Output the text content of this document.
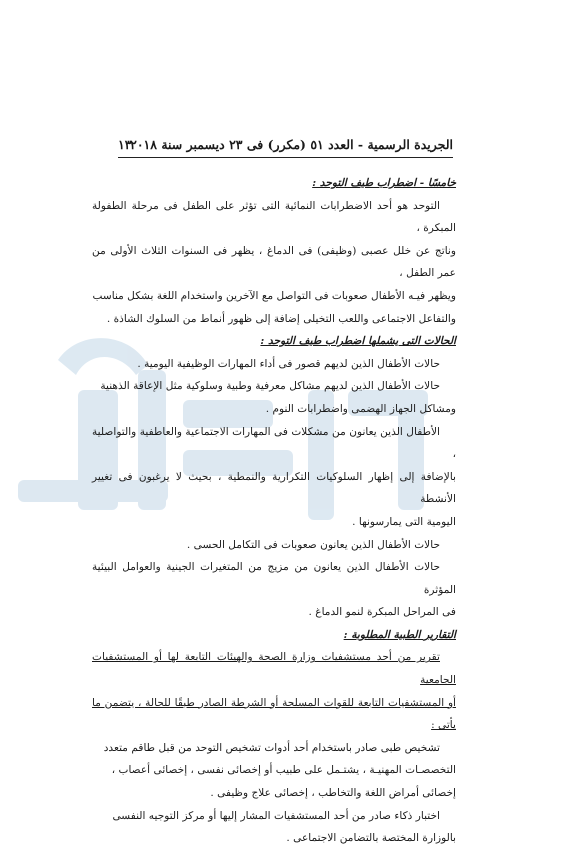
الجريدة الرسمية - العدد ٥١ (مكرر) فى ٢٣ ديسمبر سنة ٢٠١٨
١٣

خامسًا - اضطراب طيف التوحد :

التوحد هو أحد الاضطرابات النمائية التى تؤثر على الطفل فى مرحلة الطفولة المبكرة ،

وناتج عن خلل عصبى (وظيفى) فى الدماغ ، يظهر فى السنوات الثلاث الأولى من عمر الطفل ،

ويظهر فيـه الأطفال صعوبات فى التواصل مع الآخرين واستخدام اللغة بشكل مناسب

والتفاعل الاجتماعى واللعب التخيلى إضافة إلى ظهور أنماط من السلوك الشاذة .

الحالات التى يشملها اضطراب طيف التوحد :

حالات الأطفال الذين لديهم قصور فى أداء المهارات الوظيفية اليومية .

حالات الأطفال الذين لديهم مشاكل معرفية وطبية وسلوكية مثل الإعاقة الذهنية

ومشاكل الجهاز الهضمى واضطرابات النوم .

الأطفال الذين يعانون من مشكلات فى المهارات الاجتماعية والعاطفية والتواصلية ،

بالإضافة إلى إظهار السلوكيات التكرارية والنمطية ، بحيث لا يرغبون فى تغيير الأنشطة

اليومية التى يمارسونها .

حالات الأطفال الذين يعانون صعوبات فى التكامل الحسى .

حالات الأطفال الذين يعانون من مزيج من المتغيرات الجينية والعوامل البيئية المؤثرة

فى المراحل المبكرة لنمو الدماغ .

التقارير الطبية المطلوبة :

تقرير من أحد مستشفيات وزارة الصحة والهيئات التابعة لها أو المستشفيات الجامعية

أو المستشفيات التابعة للقوات المسلحة أو الشرطة الصادر طبقًا للحالة ، يتضمن ما يأتى :

تشخيص طبى صادر باستخدام أحد أدوات تشخيص التوحد من قبل طاقم متعدد

التخصصـات المهنيـة ، يشتـمل على طبيب أو إخصائى نفسى ، إخصائى أعصاب ،

إخصائى أمراض اللغة والتخاطب ، إخصائى علاج وظيفى .

اختبار ذكاء صادر من أحد المستشفيات المشار إليها أو مركز التوجيه النفسى

بالوزارة المختصة بالتضامن الاجتماعى .
